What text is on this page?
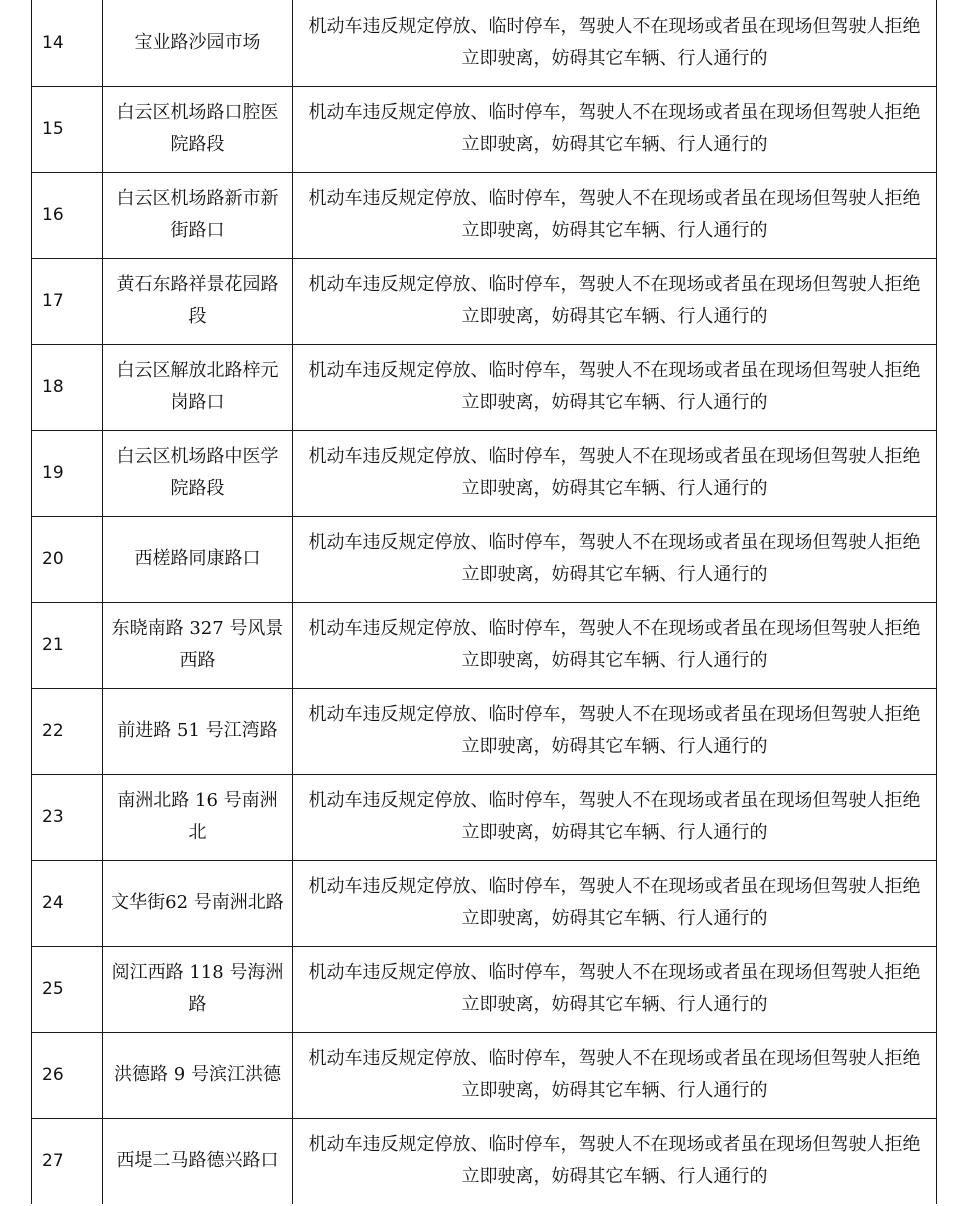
14	宝业路沙园市场	机动车违反规定停放、临时停车，驾驶人不在现场或者虽在现场但驾驶人拒绝立即驶离，妨碍其它车辆、行人通行的
15	白云区机场路口腔医院路段	机动车违反规定停放、临时停车，驾驶人不在现场或者虽在现场但驾驶人拒绝立即驶离，妨碍其它车辆、行人通行的
16	白云区机场路新市新街路口	机动车违反规定停放、临时停车，驾驶人不在现场或者虽在现场但驾驶人拒绝立即驶离，妨碍其它车辆、行人通行的
17	黄石东路祥景花园路段	机动车违反规定停放、临时停车，驾驶人不在现场或者虽在现场但驾驶人拒绝立即驶离，妨碍其它车辆、行人通行的
18	白云区解放北路梓元岗路口	机动车违反规定停放、临时停车，驾驶人不在现场或者虽在现场但驾驶人拒绝立即驶离，妨碍其它车辆、行人通行的
19	白云区机场路中医学院路段	机动车违反规定停放、临时停车，驾驶人不在现场或者虽在现场但驾驶人拒绝立即驶离，妨碍其它车辆、行人通行的
20	西槎路同康路口	机动车违反规定停放、临时停车，驾驶人不在现场或者虽在现场但驾驶人拒绝立即驶离，妨碍其它车辆、行人通行的
21	东晓南路 327 号风景西路	机动车违反规定停放、临时停车，驾驶人不在现场或者虽在现场但驾驶人拒绝立即驶离，妨碍其它车辆、行人通行的
22	前进路 51 号江湾路	机动车违反规定停放、临时停车，驾驶人不在现场或者虽在现场但驾驶人拒绝立即驶离，妨碍其它车辆、行人通行的
23	南洲北路 16 号南洲北	机动车违反规定停放、临时停车，驾驶人不在现场或者虽在现场但驾驶人拒绝立即驶离，妨碍其它车辆、行人通行的
24	文华街62 号南洲北路	机动车违反规定停放、临时停车，驾驶人不在现场或者虽在现场但驾驶人拒绝立即驶离，妨碍其它车辆、行人通行的
25	阅江西路 118 号海洲路	机动车违反规定停放、临时停车，驾驶人不在现场或者虽在现场但驾驶人拒绝立即驶离，妨碍其它车辆、行人通行的
26	洪德路 9 号滨江洪德	机动车违反规定停放、临时停车，驾驶人不在现场或者虽在现场但驾驶人拒绝立即驶离，妨碍其它车辆、行人通行的
27	西堤二马路德兴路口	机动车违反规定停放、临时停车，驾驶人不在现场或者虽在现场但驾驶人拒绝立即驶离，妨碍其它车辆、行人通行的
